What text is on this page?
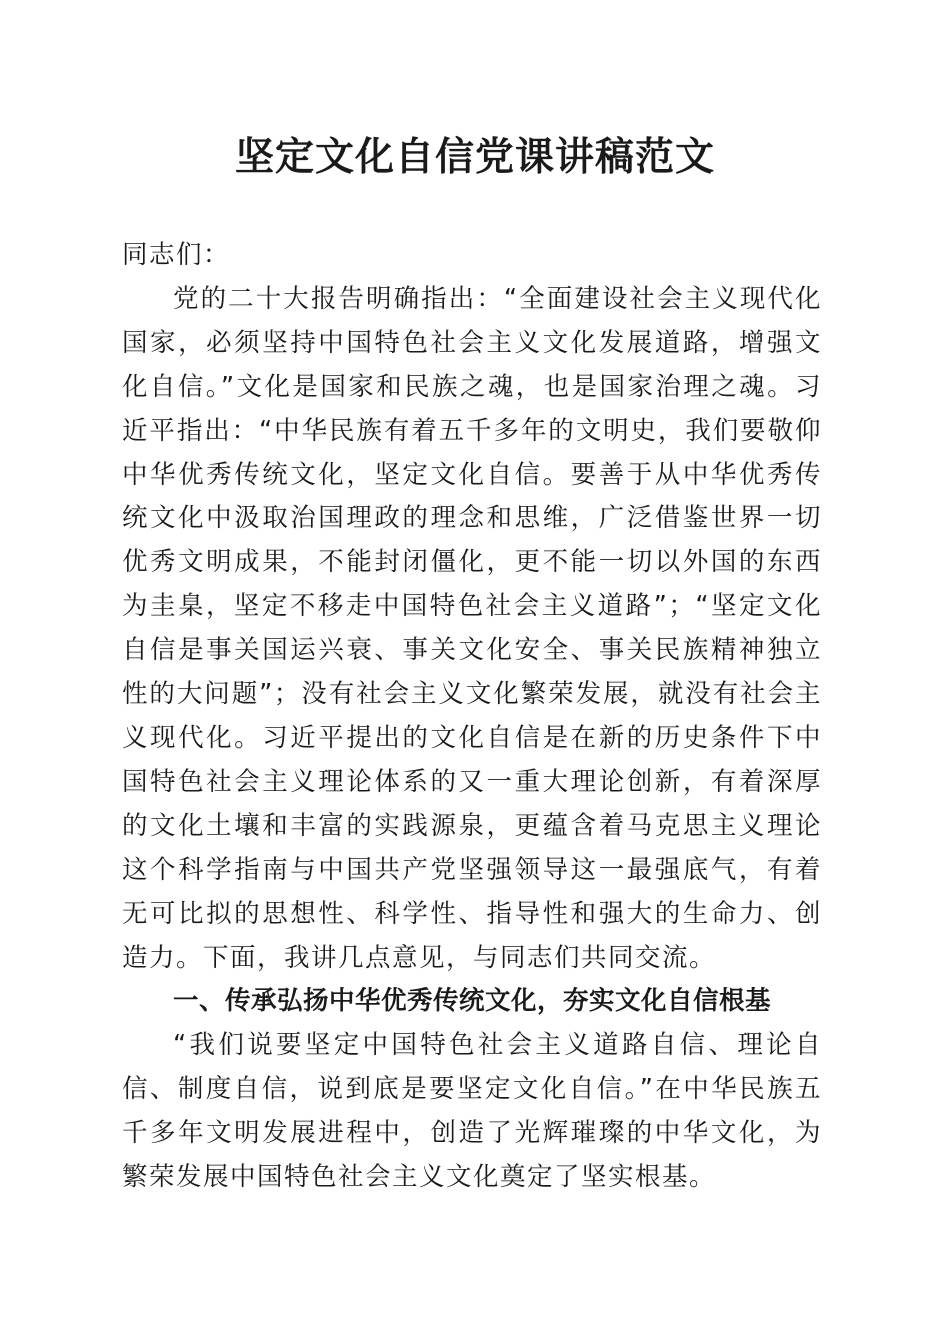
坚定文化自信党课讲稿范文

同志们：

党的二十大报告明确指出：“全面建设社会主义现代化国家，必须坚持中国特色社会主义文化发展道路，增强文化自信。”文化是国家和民族之魂，也是国家治理之魂。习近平指出：“中华民族有着五千多年的文明史，我们要敬仰中华优秀传统文化，坚定文化自信。要善于从中华优秀传统文化中汲取治国理政的理念和思维，广泛借鉴世界一切优秀文明成果，不能封闭僵化，更不能一切以外国的东西为圭臬，坚定不移走中国特色社会主义道路”；“坚定文化自信是事关国运兴衰、事关文化安全、事关民族精神独立性的大问题”；没有社会主义文化繁荣发展，就没有社会主义现代化。习近平提出的文化自信是在新的历史条件下中国特色社会主义理论体系的又一重大理论创新，有着深厚的文化土壤和丰富的实践源泉，更蕴含着马克思主义理论这个科学指南与中国共产党坚强领导这一最强底气，有着无可比拟的思想性、科学性、指导性和强大的生命力、创造力。下面，我讲几点意见，与同志们共同交流。

一、传承弘扬中华优秀传统文化，夯实文化自信根基

“我们说要坚定中国特色社会主义道路自信、理论自信、制度自信，说到底是要坚定文化自信。”在中华民族五千多年文明发展进程中，创造了光辉璀璨的中华文化，为繁荣发展中国特色社会主义文化奠定了坚实根基。
